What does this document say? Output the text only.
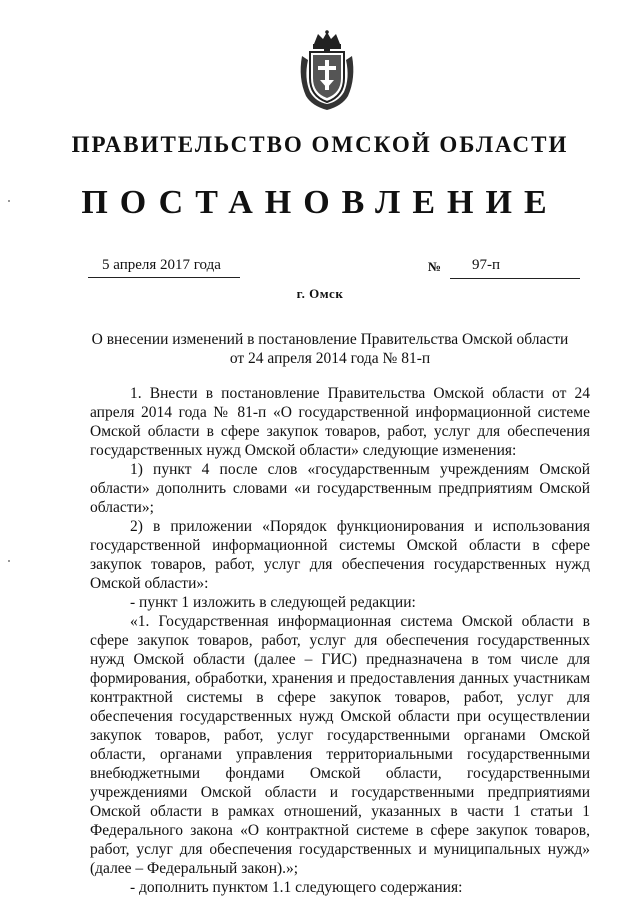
ПРАВИТЕЛЬСТВО ОМСКОЙ ОБЛАСТИ
ПОСТАНОВЛЕНИЕ
5 апреля 2017 года	№ 97-п
г. Омск
О внесении изменений в постановление Правительства Омской области
от 24 апреля 2014 года № 81-п

1. Внести в постановление Правительства Омской области от 24 апреля 2014 года № 81-п «О государственной информационной системе Омской области в сфере закупок товаров, работ, услуг для обеспечения государственных нужд Омской области» следующие изменения:

1) пункт 4 после слов «государственным учреждениям Омской области» дополнить словами «и государственным предприятиям Омской области»;

2) в приложении «Порядок функционирования и использования государственной информационной системы Омской области в сфере закупок товаров, работ, услуг для обеспечения государственных нужд Омской области»:

- пункт 1 изложить в следующей редакции:

«1. Государственная информационная система Омской области в сфере закупок товаров, работ, услуг для обеспечения государственных нужд Омской области (далее – ГИС) предназначена в том числе для формирования, обработки, хранения и предоставления данных участникам контрактной системы в сфере закупок товаров, работ, услуг для обеспечения государственных нужд Омской области при осуществлении закупок товаров, работ, услуг государственными органами Омской области, органами управления территориальными государственными внебюджетными фондами Омской области, государственными учреждениями Омской области и государственными предприятиями Омской области в рамках отношений, указанных в части 1 статьи 1 Федерального закона «О контрактной системе в сфере закупок товаров, работ, услуг для обеспечения государственных и муниципальных нужд» (далее – Федеральный закон).»;

- дополнить пунктом 1.1 следующего содержания:
